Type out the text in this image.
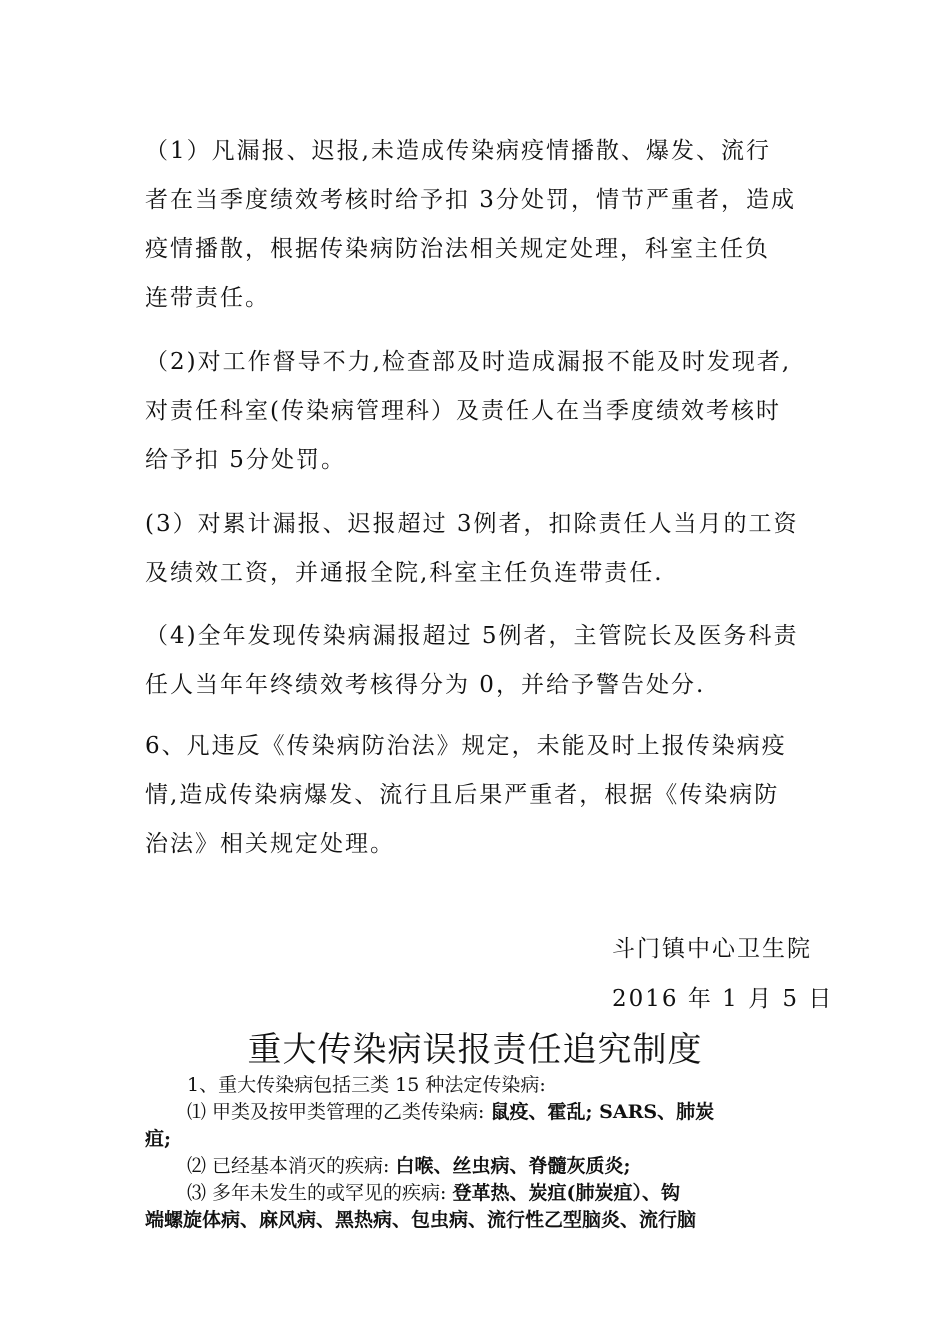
（1）凡漏报、迟报,未造成传染病疫情播散、爆发、流行
者在当季度绩效考核时给予扣 3分处罚，情节严重者，造成
疫情播散，根据传染病防治法相关规定处理，科室主任负
连带责任。

（2)对工作督导不力,检查部及时造成漏报不能及时发现者,
对责任科室(传染病管理科）及责任人在当季度绩效考核时
给予扣 5分处罚。

(3）对累计漏报、迟报超过 3例者，扣除责任人当月的工资
及绩效工资，并通报全院,科室主任负连带责任.

（4)全年发现传染病漏报超过 5例者，主管院长及医务科责
任人当年年终绩效考核得分为 0，并给予警告处分.

6、凡违反《传染病防治法》规定，未能及时上报传染病疫
情,造成传染病爆发、流行且后果严重者，根据《传染病防
治法》相关规定处理。

斗门镇中心卫生院
2016 年 1 月 5 日
重大传染病误报责任追究制度
1、重大传染病包括三类 15 种法定传染病:
⑴ 甲类及按甲类管理的乙类传染病: 鼠疫、霍乱; SARS、肺炭
疽;
⑵ 已经基本消灭的疾病: 白喉、丝虫病、脊髓灰质炎;
⑶ 多年未发生的或罕见的疾病: 登革热、炭疽(肺炭疽）、钩
端螺旋体病、麻风病、黑热病、包虫病、流行性乙型脑炎、流行脑
